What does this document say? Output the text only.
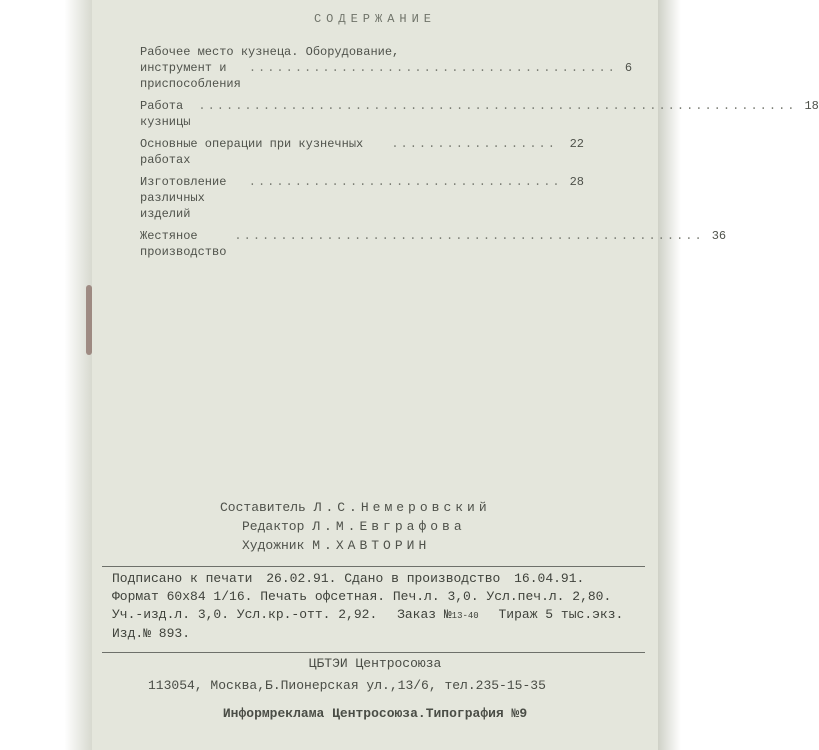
СОДЕРЖАНИЕ
Рабочее место кузнеца. Оборудование,
инструмент и приспособления
........................................ 6
Работа кузницы
................................................................. 18
Основные операции при кузнечных работах
..................	22
Изготовление различных изделий
.................................. 28
Жестяное производство
................................................... 36
Составитель Л.С.Немеровский
Редактор Л.М.Евграфова
Художник М.ХАВТОРИН
Подписано к печати 26.02.91. Сдано в производство 16.04.91.
Формат 60х84 1/16. Печать офсетная. Печ.л. 3,0. Усл.печ.л. 2,80.
Уч.-изд.л. 3,0. Усл.кр.-отт. 2,92. Заказ №13-40 Тираж 5 тыс.экз.
Изд.№ 893.
ЦБТЭИ Центросоюза
113054, Москва,Б.Пионерская ул.,13/6, тел.235-15-35
Информреклама Центросоюза.Типография №9
